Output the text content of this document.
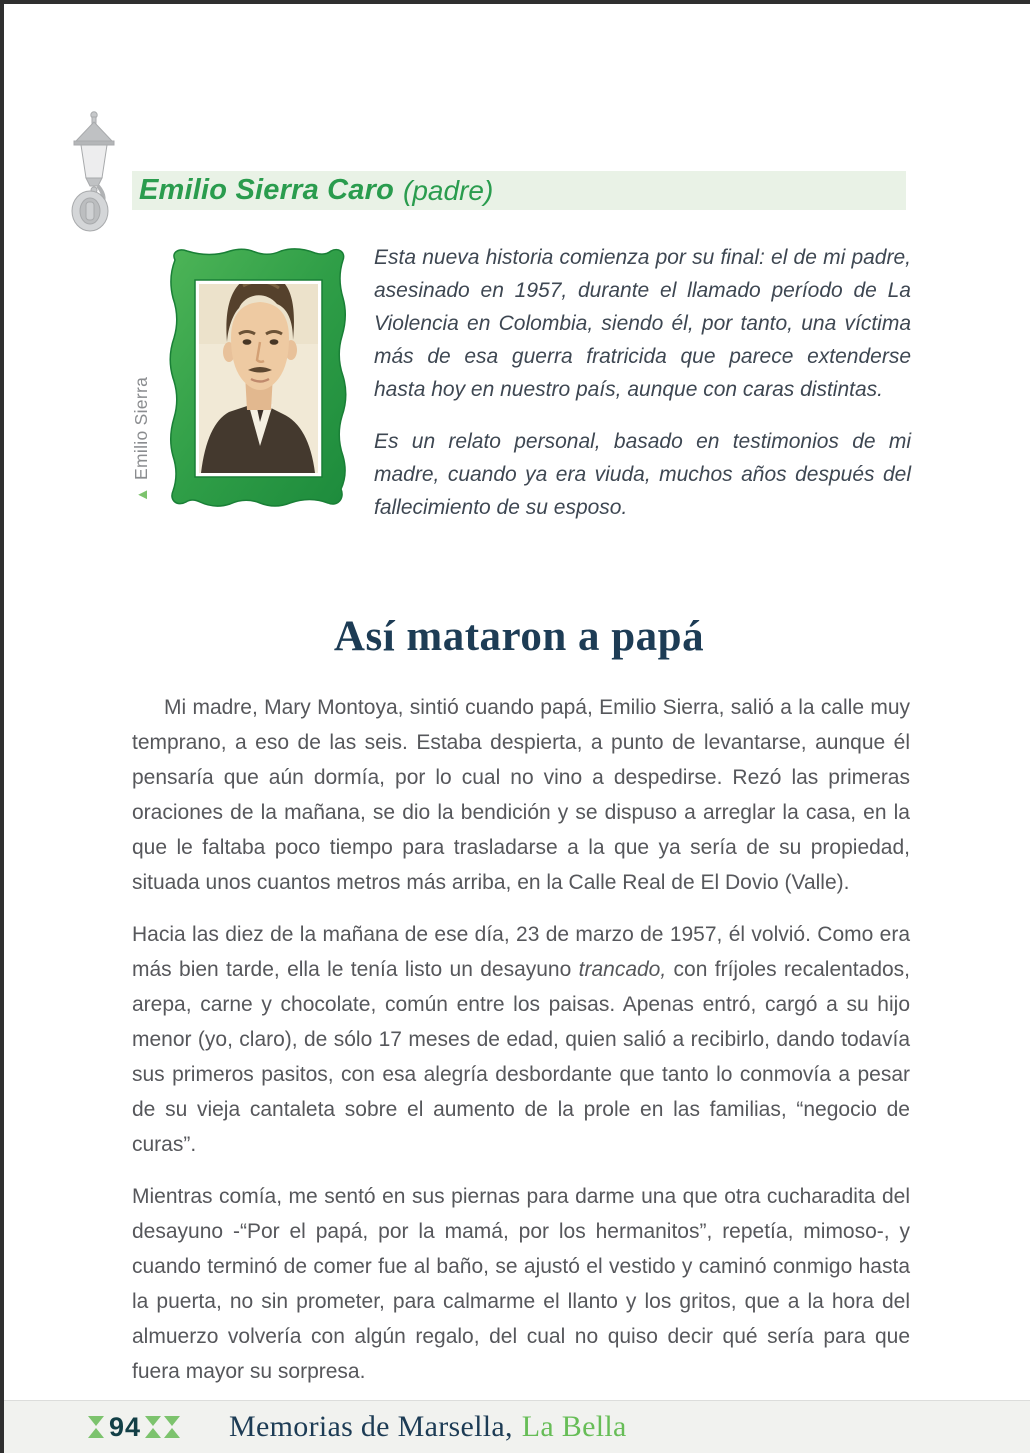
Emilio Sierra Caro (padre)
▲Emilio Sierra

Esta nueva historia comienza por su final: el de mi padre, asesinado en 1957, durante el llamado período de La Violencia en Colombia, siendo él, por tanto, una víctima más de esa guerra fratricida que parece extenderse hasta hoy en nuestro país, aunque con caras distintas.

Es un relato personal, basado en testimonios de mi madre, cuando ya era viuda, muchos años después del fallecimiento de su esposo.

Así mataron a papá

Mi madre, Mary Montoya, sintió cuando papá, Emilio Sierra, salió a la calle muy temprano, a eso de las seis. Estaba despierta, a punto de levantarse, aunque él pensaría que aún dormía, por lo cual no vino a despedirse. Rezó las primeras oraciones de la mañana, se dio la bendición y se dispuso a arreglar la casa, en la que le faltaba poco tiempo para trasladarse a la que ya sería de su propiedad, situada unos cuantos metros más arriba, en la Calle Real de El Dovio (Valle).

Hacia las diez de la mañana de ese día, 23 de marzo de 1957, él volvió. Como era más bien tarde, ella le tenía listo un desayuno trancado, con fríjoles recalentados, arepa, carne y chocolate, común entre los paisas. Apenas entró, cargó a su hijo menor (yo, claro), de sólo 17 meses de edad, quien salió a recibirlo, dando todavía sus primeros pasitos, con esa alegría desbordante que tanto lo conmovía a pesar de su vieja cantaleta sobre el aumento de la prole en las familias, “negocio de curas”.

Mientras comía, me sentó en sus piernas para darme una que otra cucharadita del desayuno -“Por el papá, por la mamá, por los hermanitos”, repetía, mimoso-, y cuando terminó de comer fue al baño, se ajustó el vestido y caminó conmigo hasta la puerta, no sin prometer, para calmarme el llanto y los gritos, que a la hora del almuerzo volvería con algún regalo, del cual no quiso decir qué sería para que fuera mayor su sorpresa.

94	Memorias de Marsella, La Bella
